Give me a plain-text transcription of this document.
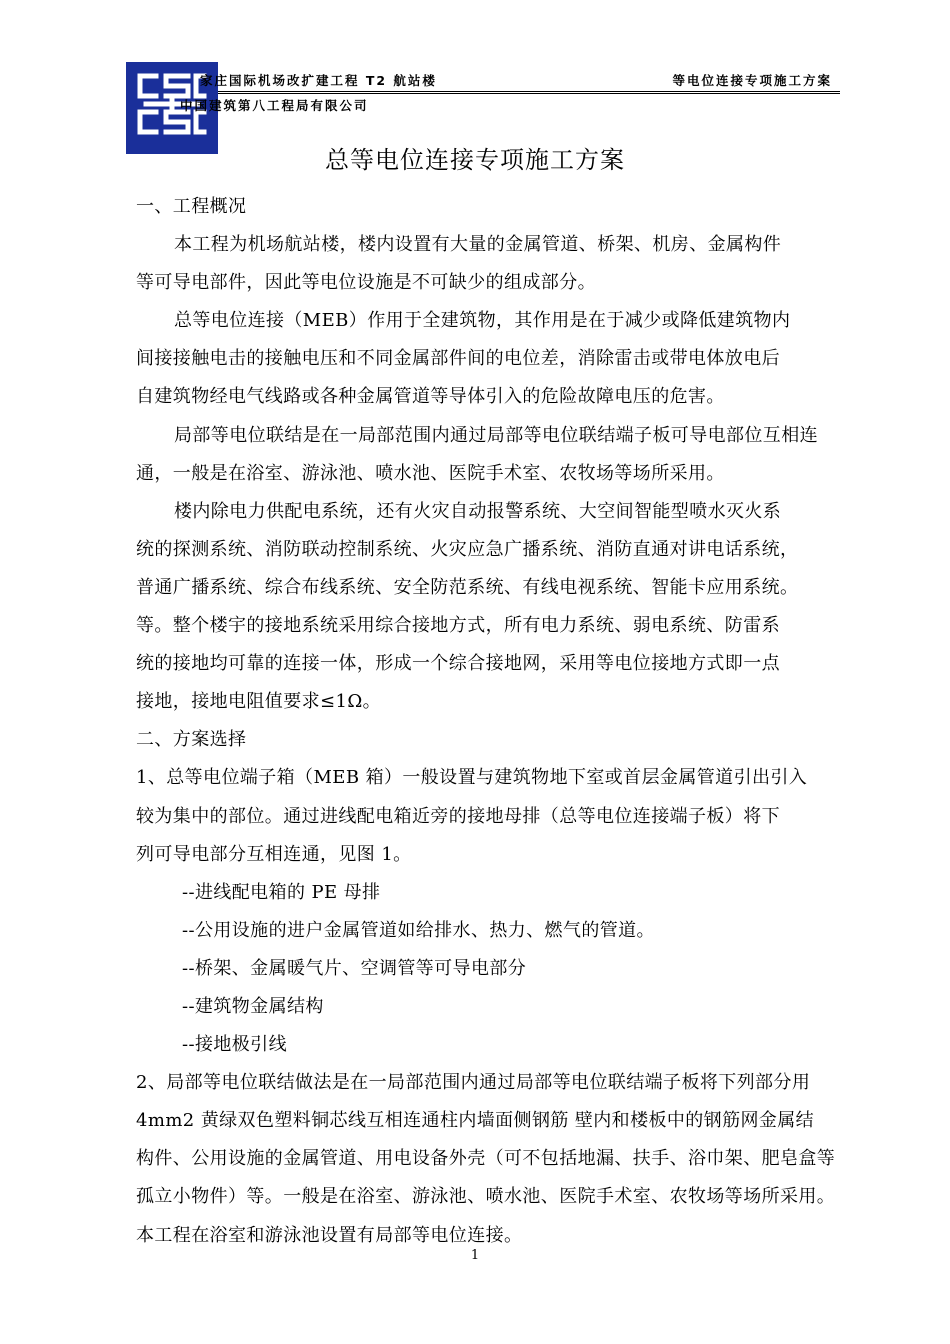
家庄国际机场改扩建工程 T2 航站楼	等电位连接专项施工方案
中国建筑第八工程局有限公司
总等电位连接专项施工方案
一、工程概况
本工程为机场航站楼，楼内设置有大量的金属管道、桥架、机房、金属构件
等可导电部件，因此等电位设施是不可缺少的组成部分。
总等电位连接（MEB）作用于全建筑物，其作用是在于减少或降低建筑物内
间接接触电击的接触电压和不同金属部件间的电位差，消除雷击或带电体放电后
自建筑物经电气线路或各种金属管道等导体引入的危险故障电压的危害。
局部等电位联结是在一局部范围内通过局部等电位联结端子板可导电部位互相连
通，一般是在浴室、游泳池、喷水池、医院手术室、农牧场等场所采用。
楼内除电力供配电系统，还有火灾自动报警系统、大空间智能型喷水灭火系
统的探测系统、消防联动控制系统、火灾应急广播系统、消防直通对讲电话系统，
普通广播系统、综合布线系统、安全防范系统、有线电视系统、智能卡应用系统。
等。整个楼宇的接地系统采用综合接地方式，所有电力系统、弱电系统、防雷系
统的接地均可靠的连接一体，形成一个综合接地网，采用等电位接地方式即一点
接地，接地电阻值要求≤1Ω。
二、方案选择
1、总等电位端子箱（MEB 箱）一般设置与建筑物地下室或首层金属管道引出引入
较为集中的部位。通过进线配电箱近旁的接地母排（总等电位连接端子板）将下
列可导电部分互相连通，见图 1。
--进线配电箱的 PE 母排
--公用设施的进户金属管道如给排水、热力、燃气的管道。
--桥架、金属暖气片、空调管等可导电部分
--建筑物金属结构
--接地极引线
2、局部等电位联结做法是在一局部范围内通过局部等电位联结端子板将下列部分用
4mm2 黄绿双色塑料铜芯线互相连通柱内墙面侧钢筋 壁内和楼板中的钢筋网金属结
构件、公用设施的金属管道、用电设备外壳（可不包括地漏、扶手、浴巾架、肥皂盒等
孤立小物件）等。一般是在浴室、游泳池、喷水池、医院手术室、农牧场等场所采用。
本工程在浴室和游泳池设置有局部等电位连接。
1
